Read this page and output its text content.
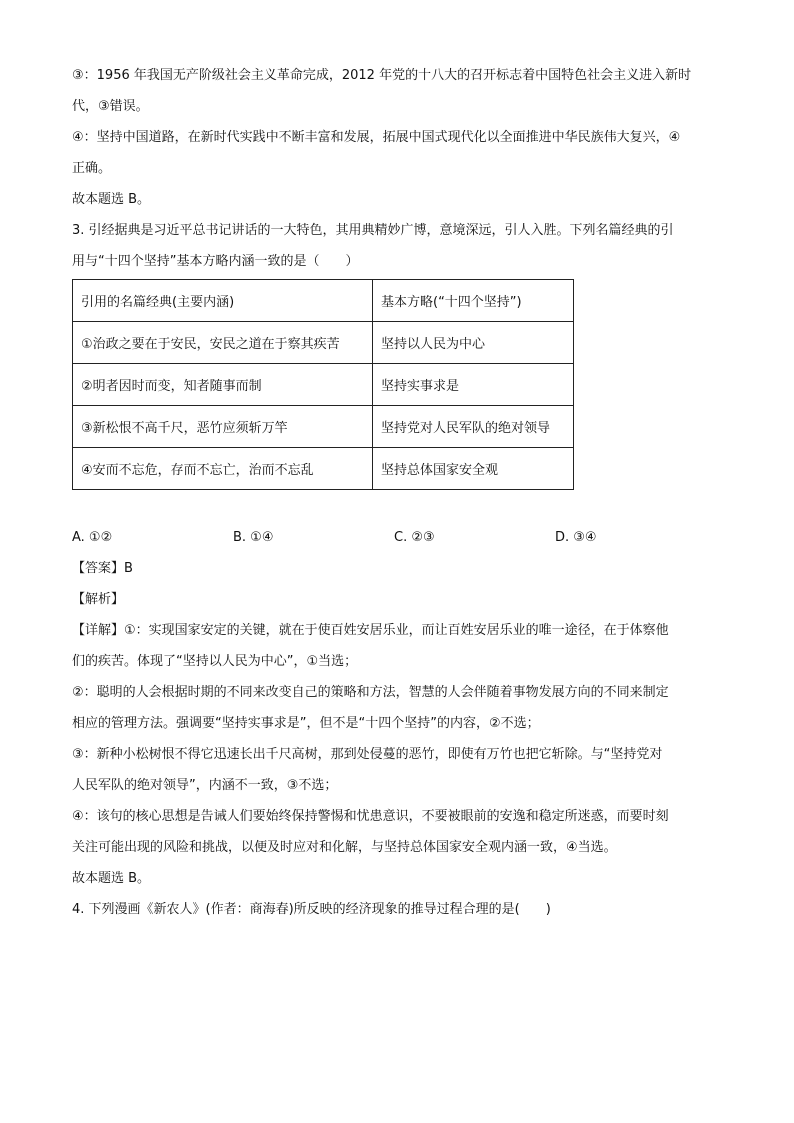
③：1956 年我国无产阶级社会主义革命完成，2012 年党的十八大的召开标志着中国特色社会主义进入新时
代，③错误。
④：坚持中国道路，在新时代实践中不断丰富和发展，拓展中国式现代化以全面推进中华民族伟大复兴，④
正确。
故本题选 B。
3. 引经据典是习近平总书记讲话的一大特色，其用典精妙广博，意境深远，引人入胜。下列名篇经典的引
用与“十四个坚持”基本方略内涵一致的是（　　）
引用的名篇经典(主要内涵)	基本方略(“十四个坚持”)
①治政之要在于安民，安民之道在于察其疾苦	坚持以人民为中心
②明者因时而变，知者随事而制	坚持实事求是
③新松恨不高千尺，恶竹应须斩万竿	坚持党对人民军队的绝对领导
④安而不忘危，存而不忘亡，治而不忘乱	坚持总体国家安全观
A. ①②	B. ①④	C. ②③	D. ③④
【答案】B
【解析】
【详解】①：实现国家安定的关键，就在于使百姓安居乐业，而让百姓安居乐业的唯一途径，在于体察他
们的疾苦。体现了“坚持以人民为中心”，①当选；
②：聪明的人会根据时期的不同来改变自己的策略和方法，智慧的人会伴随着事物发展方向的不同来制定
相应的管理方法。强调要“坚持实事求是”，但不是“十四个坚持”的内容，②不选；
③：新种小松树恨不得它迅速长出千尺高树，那到处侵蔓的恶竹，即使有万竹也把它斩除。与“坚持党对
人民军队的绝对领导”，内涵不一致，③不选；
④：该句的核心思想是告诫人们要始终保持警惕和忧患意识，不要被眼前的安逸和稳定所迷惑，而要时刻
关注可能出现的风险和挑战，以便及时应对和化解，与坚持总体国家安全观内涵一致，④当选。
故本题选 B。
4. 下列漫画《新农人》(作者：商海春)所反映的经济现象的推导过程合理的是(　　)
